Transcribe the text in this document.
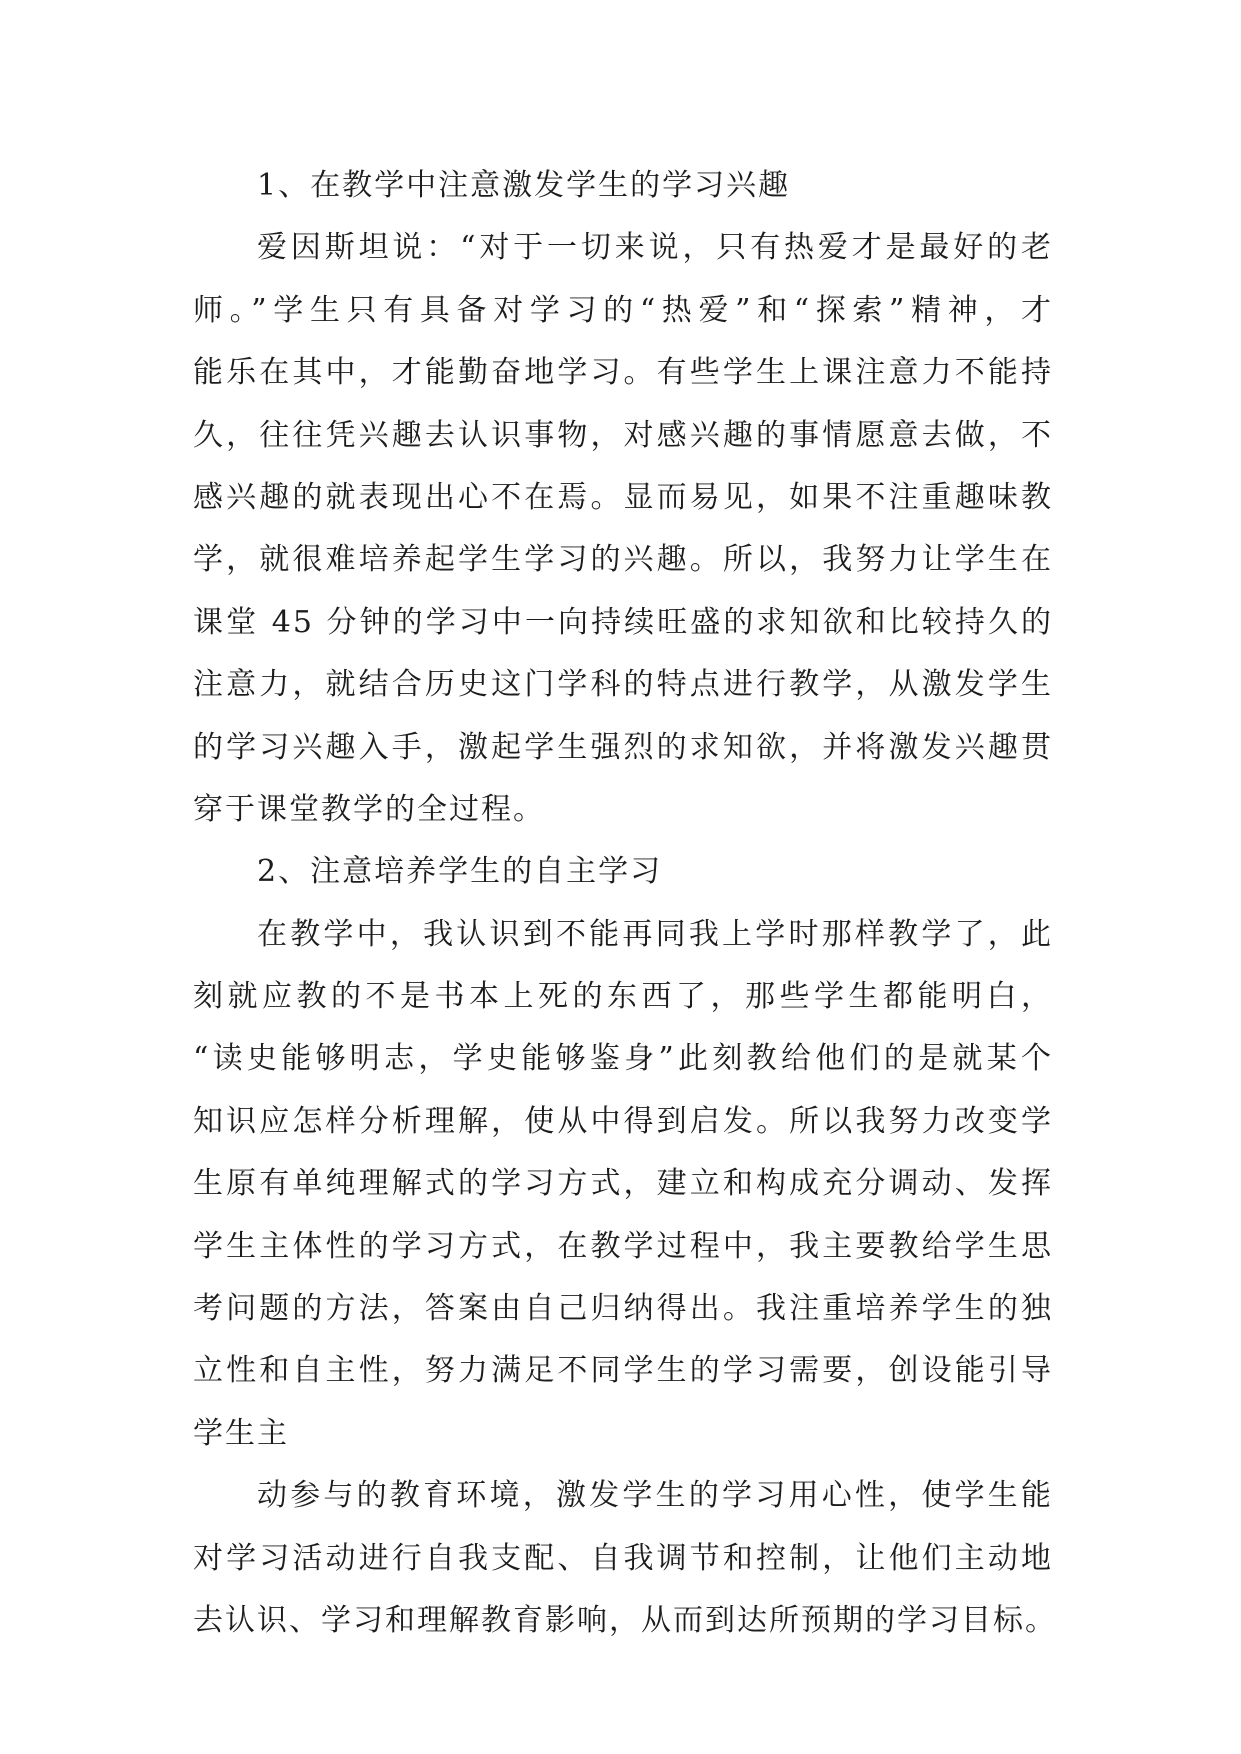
1、在教学中注意激发学生的学习兴趣
爱因斯坦说：“对于一切来说，只有热爱才是最好的老
师。”学生只有具备对学习的“热爱”和“探索”精神，才
能乐在其中，才能勤奋地学习。有些学生上课注意力不能持
久，往往凭兴趣去认识事物，对感兴趣的事情愿意去做，不
感兴趣的就表现出心不在焉。显而易见，如果不注重趣味教
学，就很难培养起学生学习的兴趣。所以，我努力让学生在
课堂 45 分钟的学习中一向持续旺盛的求知欲和比较持久的
注意力，就结合历史这门学科的特点进行教学，从激发学生
的学习兴趣入手，激起学生强烈的求知欲，并将激发兴趣贯
穿于课堂教学的全过程。
2、注意培养学生的自主学习
在教学中，我认识到不能再同我上学时那样教学了，此
刻就应教的不是书本上死的东西了，那些学生都能明白，
“读史能够明志，学史能够鉴身”此刻教给他们的是就某个
知识应怎样分析理解，使从中得到启发。所以我努力改变学
生原有单纯理解式的学习方式，建立和构成充分调动、发挥
学生主体性的学习方式，在教学过程中，我主要教给学生思
考问题的方法，答案由自己归纳得出。我注重培养学生的独
立性和自主性，努力满足不同学生的学习需要，创设能引导
学生主
动参与的教育环境，激发学生的学习用心性，使学生能
对学习活动进行自我支配、自我调节和控制，让他们主动地
去认识、学习和理解教育影响，从而到达所预期的学习目标。
